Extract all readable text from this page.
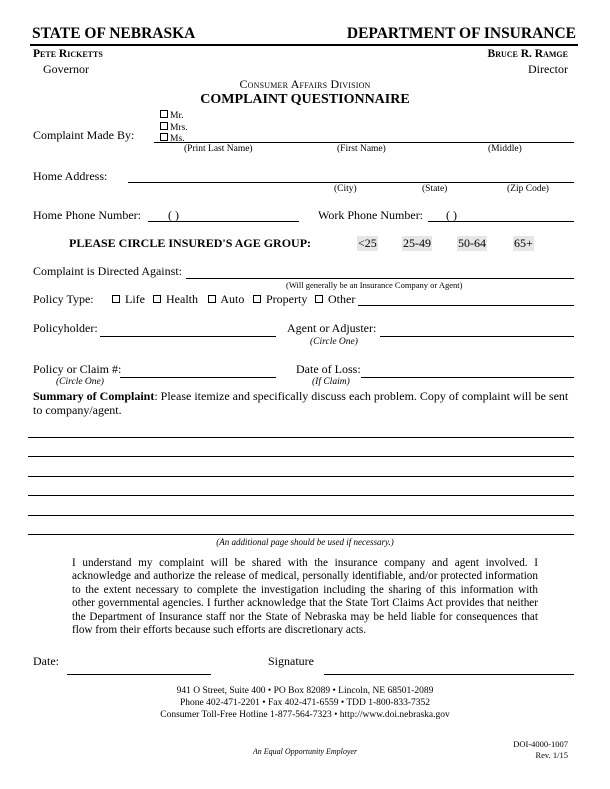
STATE OF NEBRASKA	DEPARTMENT OF INSURANCE
Pete Ricketts
Governor
Bruce R. Ramge
Director
Consumer Affairs Division
COMPLAINT QUESTIONNAIRE
Complaint Made By:
Mr.
Mrs.
Ms.
(Print Last Name)	(First Name)	(Middle)
Home Address:
(City)	(State)	(Zip Code)
Home Phone Number: ( )	Work Phone Number: ( )
PLEASE CIRCLE INSURED'S AGE GROUP:	<25 25-49 50-64 65+
Complaint is Directed Against:
(Will generally be an Insurance Company or Agent)
Policy Type:	Life	Health	Auto	Property	Other
Policyholder:	Agent or Adjuster:
(Circle One)
Policy or Claim #:
(Circle One)
Date of Loss:
(If Claim)
Summary of Complaint: Please itemize and specifically discuss each problem. Copy of complaint will be sent
to company/agent.
(An additional page should be used if necessary.)
I understand my complaint will be shared with the insurance company and agent involved. I acknowledge and authorize the release of medical, personally identifiable, and/or protected information to the extent necessary to complete the investigation including the sharing of this information with other governmental agencies. I further acknowledge that the State Tort Claims Act provides that neither the Department of Insurance staff nor the State of Nebraska may be held liable for consequences that flow from their efforts because such efforts are discretionary acts.
Date:	Signature
941 O Street, Suite 400 • PO Box 82089 • Lincoln, NE 68501-2089
Phone 402-471-2201 • Fax 402-471-6559 • TDD 1-800-833-7352
Consumer Toll-Free Hotline 1-877-564-7323 • http://www.doi.nebraska.gov
An Equal Opportunity Employer
DOI-4000-1007
Rev. 1/15
